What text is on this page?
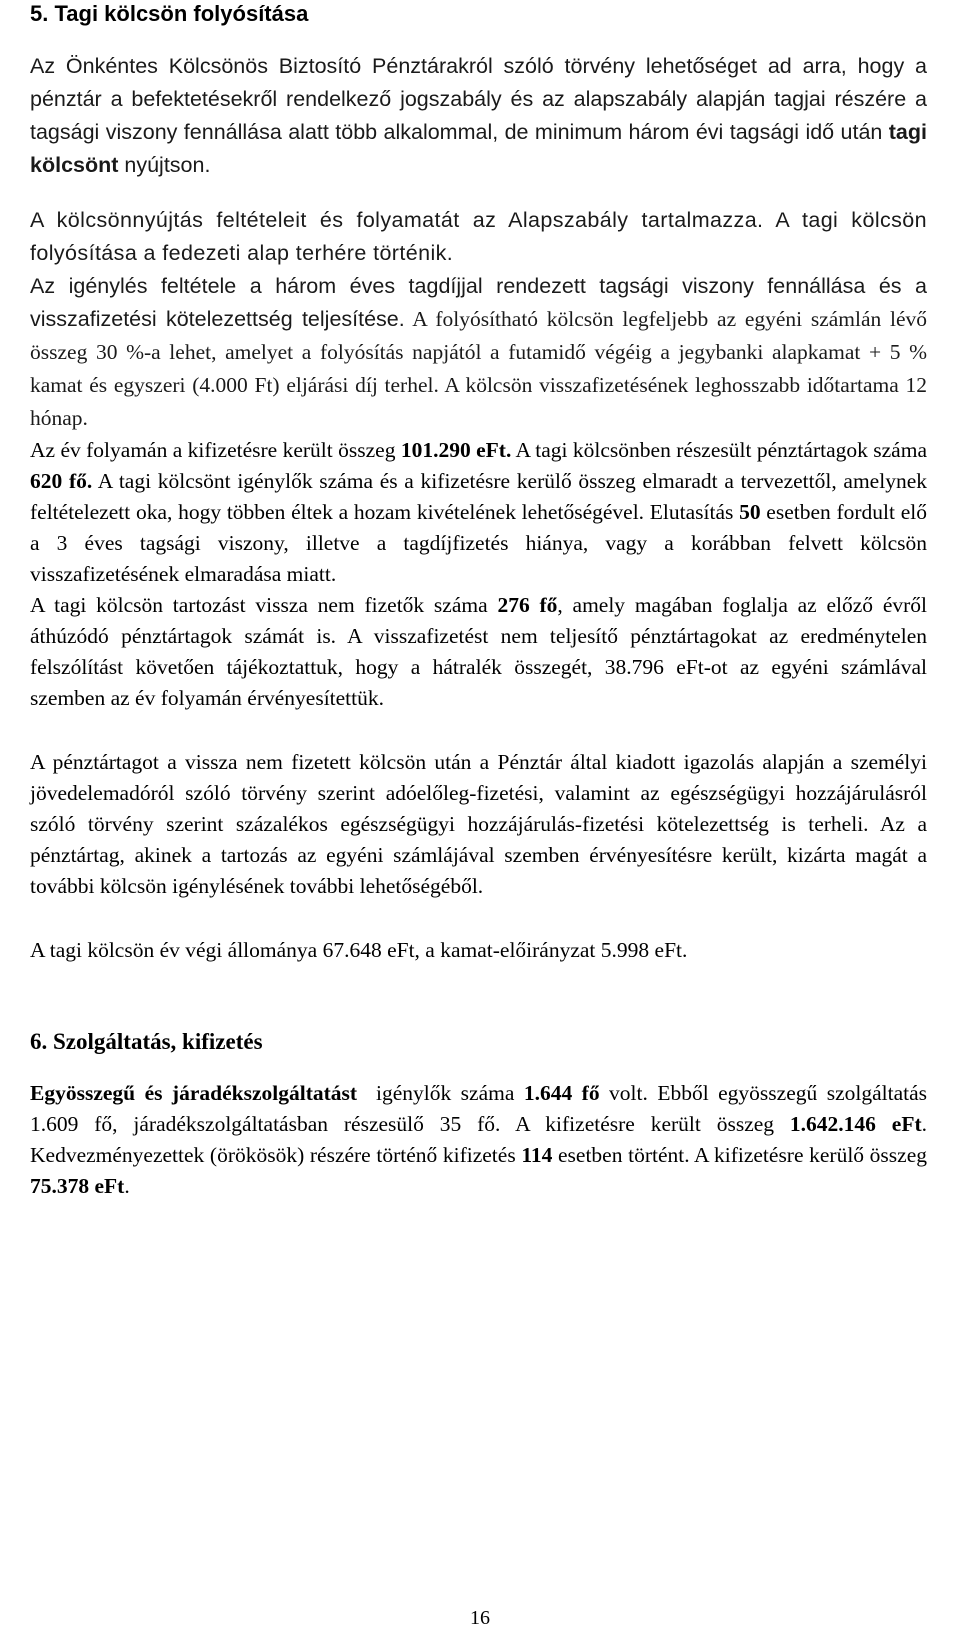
5. Tagi kölcsön folyósítása

Az Önkéntes Kölcsönös Biztosító Pénztárakról szóló törvény lehetőséget ad arra, hogy a pénztár a befektetésekről rendelkező jogszabály és az alapszabály alapján tagjai részére a tagsági viszony fennállása alatt több alkalommal, de minimum három évi tagsági idő után tagi kölcsönt nyújtson.

A kölcsönnyújtás feltételeit és folyamatát az Alapszabály tartalmazza. A tagi kölcsön folyósítása a fedezeti alap terhére történik.

Az igénylés feltétele a három éves tagdíjjal rendezett tagsági viszony fennállása és a visszafizetési kötelezettség teljesítése. A folyósítható kölcsön legfeljebb az egyéni számlán lévő összeg 30 %-a lehet, amelyet a folyósítás napjától a futamidő végéig a jegybanki alapkamat + 5 % kamat és egyszeri (4.000 Ft) eljárási díj terhel. A kölcsön visszafizetésének leghosszabb időtartama 12 hónap.

Az év folyamán a kifizetésre került összeg 101.290 eFt. A tagi kölcsönben részesült pénztártagok száma 620 fő. A tagi kölcsönt igénylők száma és a kifizetésre kerülő összeg elmaradt a tervezettől, amelynek feltételezett oka, hogy többen éltek a hozam kivételének lehetőségével. Elutasítás 50 esetben fordult elő a 3 éves tagsági viszony, illetve a tagdíjfizetés hiánya, vagy a korábban felvett kölcsön visszafizetésének elmaradása miatt.

A tagi kölcsön tartozást vissza nem fizetők száma 276 fő, amely magában foglalja az előző évről áthúzódó pénztártagok számát is. A visszafizetést nem teljesítő pénztártagokat az eredménytelen felszólítást követően tájékoztattuk, hogy a hátralék összegét, 38.796 eFt-ot az egyéni számlával szemben az év folyamán érvényesítettük.

A pénztártagot a vissza nem fizetett kölcsön után a Pénztár által kiadott igazolás alapján a személyi jövedelemadóról szóló törvény szerint adóelőleg-fizetési, valamint az egészségügyi hozzájárulásról szóló törvény szerint százalékos egészségügyi hozzájárulás-fizetési kötelezettség is terheli. Az a pénztártag, akinek a tartozás az egyéni számlájával szemben érvényesítésre került, kizárta magát a további kölcsön igénylésének további lehetőségéből.

A tagi kölcsön év végi állománya 67.648 eFt, a kamat-előirányzat 5.998 eFt.

6. Szolgáltatás, kifizetés

Egyösszegű és járadékszolgáltatást  igénylők száma 1.644 fő volt. Ebből egyösszegű szolgáltatás 1.609 fő, járadékszolgáltatásban részesülő 35 fő. A kifizetésre került összeg 1.642.146 eFt. Kedvezményezettek (örökösök) részére történő kifizetés 114 esetben történt. A kifizetésre kerülő összeg 75.378 eFt.

16
